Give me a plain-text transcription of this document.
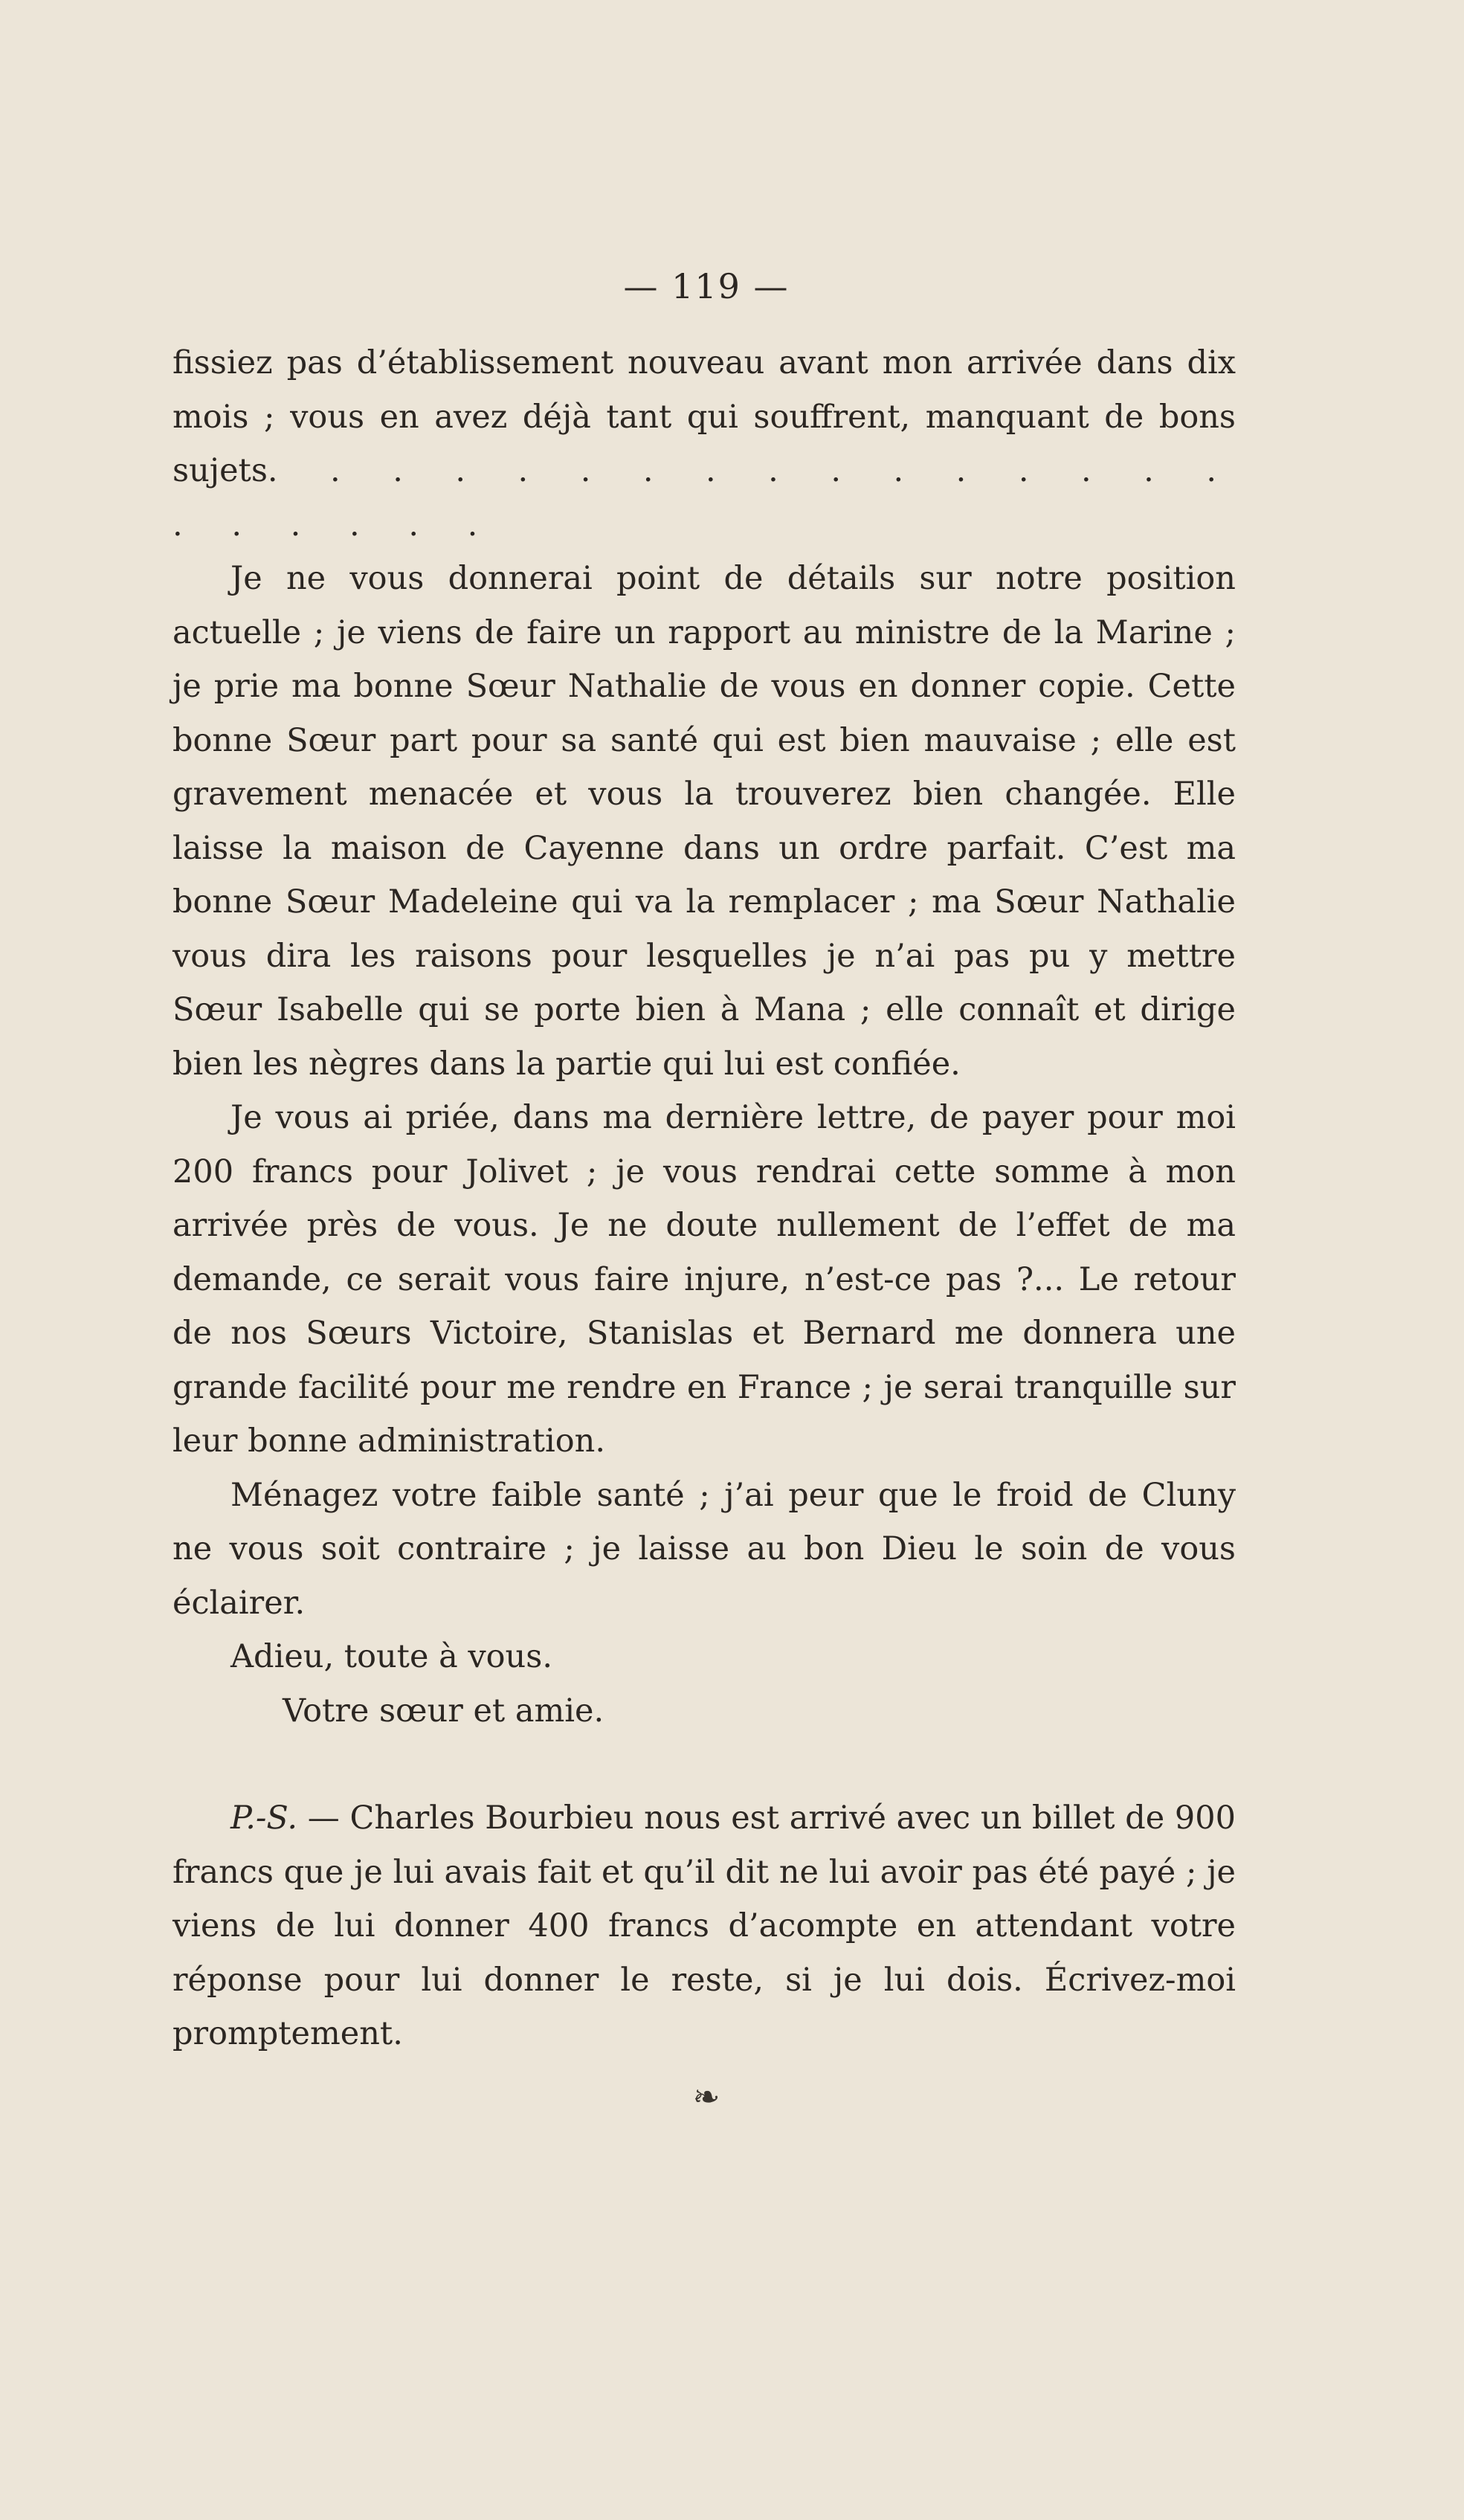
— 119 —

fissiez pas d’établissement nouveau avant mon arrivée dans dix mois ; vous en avez déjà tant qui souffrent, manquant de bons sujets. . . . . . . . . . . . . . . . . . . . . .

Je ne vous donnerai point de détails sur notre position actuelle ; je viens de faire un rapport au ministre de la Marine ; je prie ma bonne Sœur Nathalie de vous en donner copie. Cette bonne Sœur part pour sa santé qui est bien mauvaise ; elle est gravement menacée et vous la trouverez bien changée. Elle laisse la maison de Cayenne dans un ordre parfait. C’est ma bonne Sœur Madeleine qui va la remplacer ; ma Sœur Nathalie vous dira les raisons pour lesquelles je n’ai pas pu y mettre Sœur Isabelle qui se porte bien à Mana ; elle connaît et dirige bien les nègres dans la partie qui lui est confiée.

Je vous ai priée, dans ma dernière lettre, de payer pour moi 200 francs pour Jolivet ; je vous rendrai cette somme à mon arrivée près de vous. Je ne doute nullement de l’effet de ma demande, ce serait vous faire injure, n’est-ce pas ?... Le retour de nos Sœurs Victoire, Stanislas et Bernard me donnera une grande facilité pour me rendre en France ; je serai tranquille sur leur bonne administration.

Ménagez votre faible santé ; j’ai peur que le froid de Cluny ne vous soit contraire ; je laisse au bon Dieu le soin de vous éclairer.

Adieu, toute à vous.

Votre sœur et amie.

P.-S. — Charles Bourbieu nous est arrivé avec un billet de 900 francs que je lui avais fait et qu’il dit ne lui avoir pas été payé ; je viens de lui donner 400 francs d’acompte en attendant votre réponse pour lui donner le reste, si je lui dois. Écrivez-moi promptement.

❧
